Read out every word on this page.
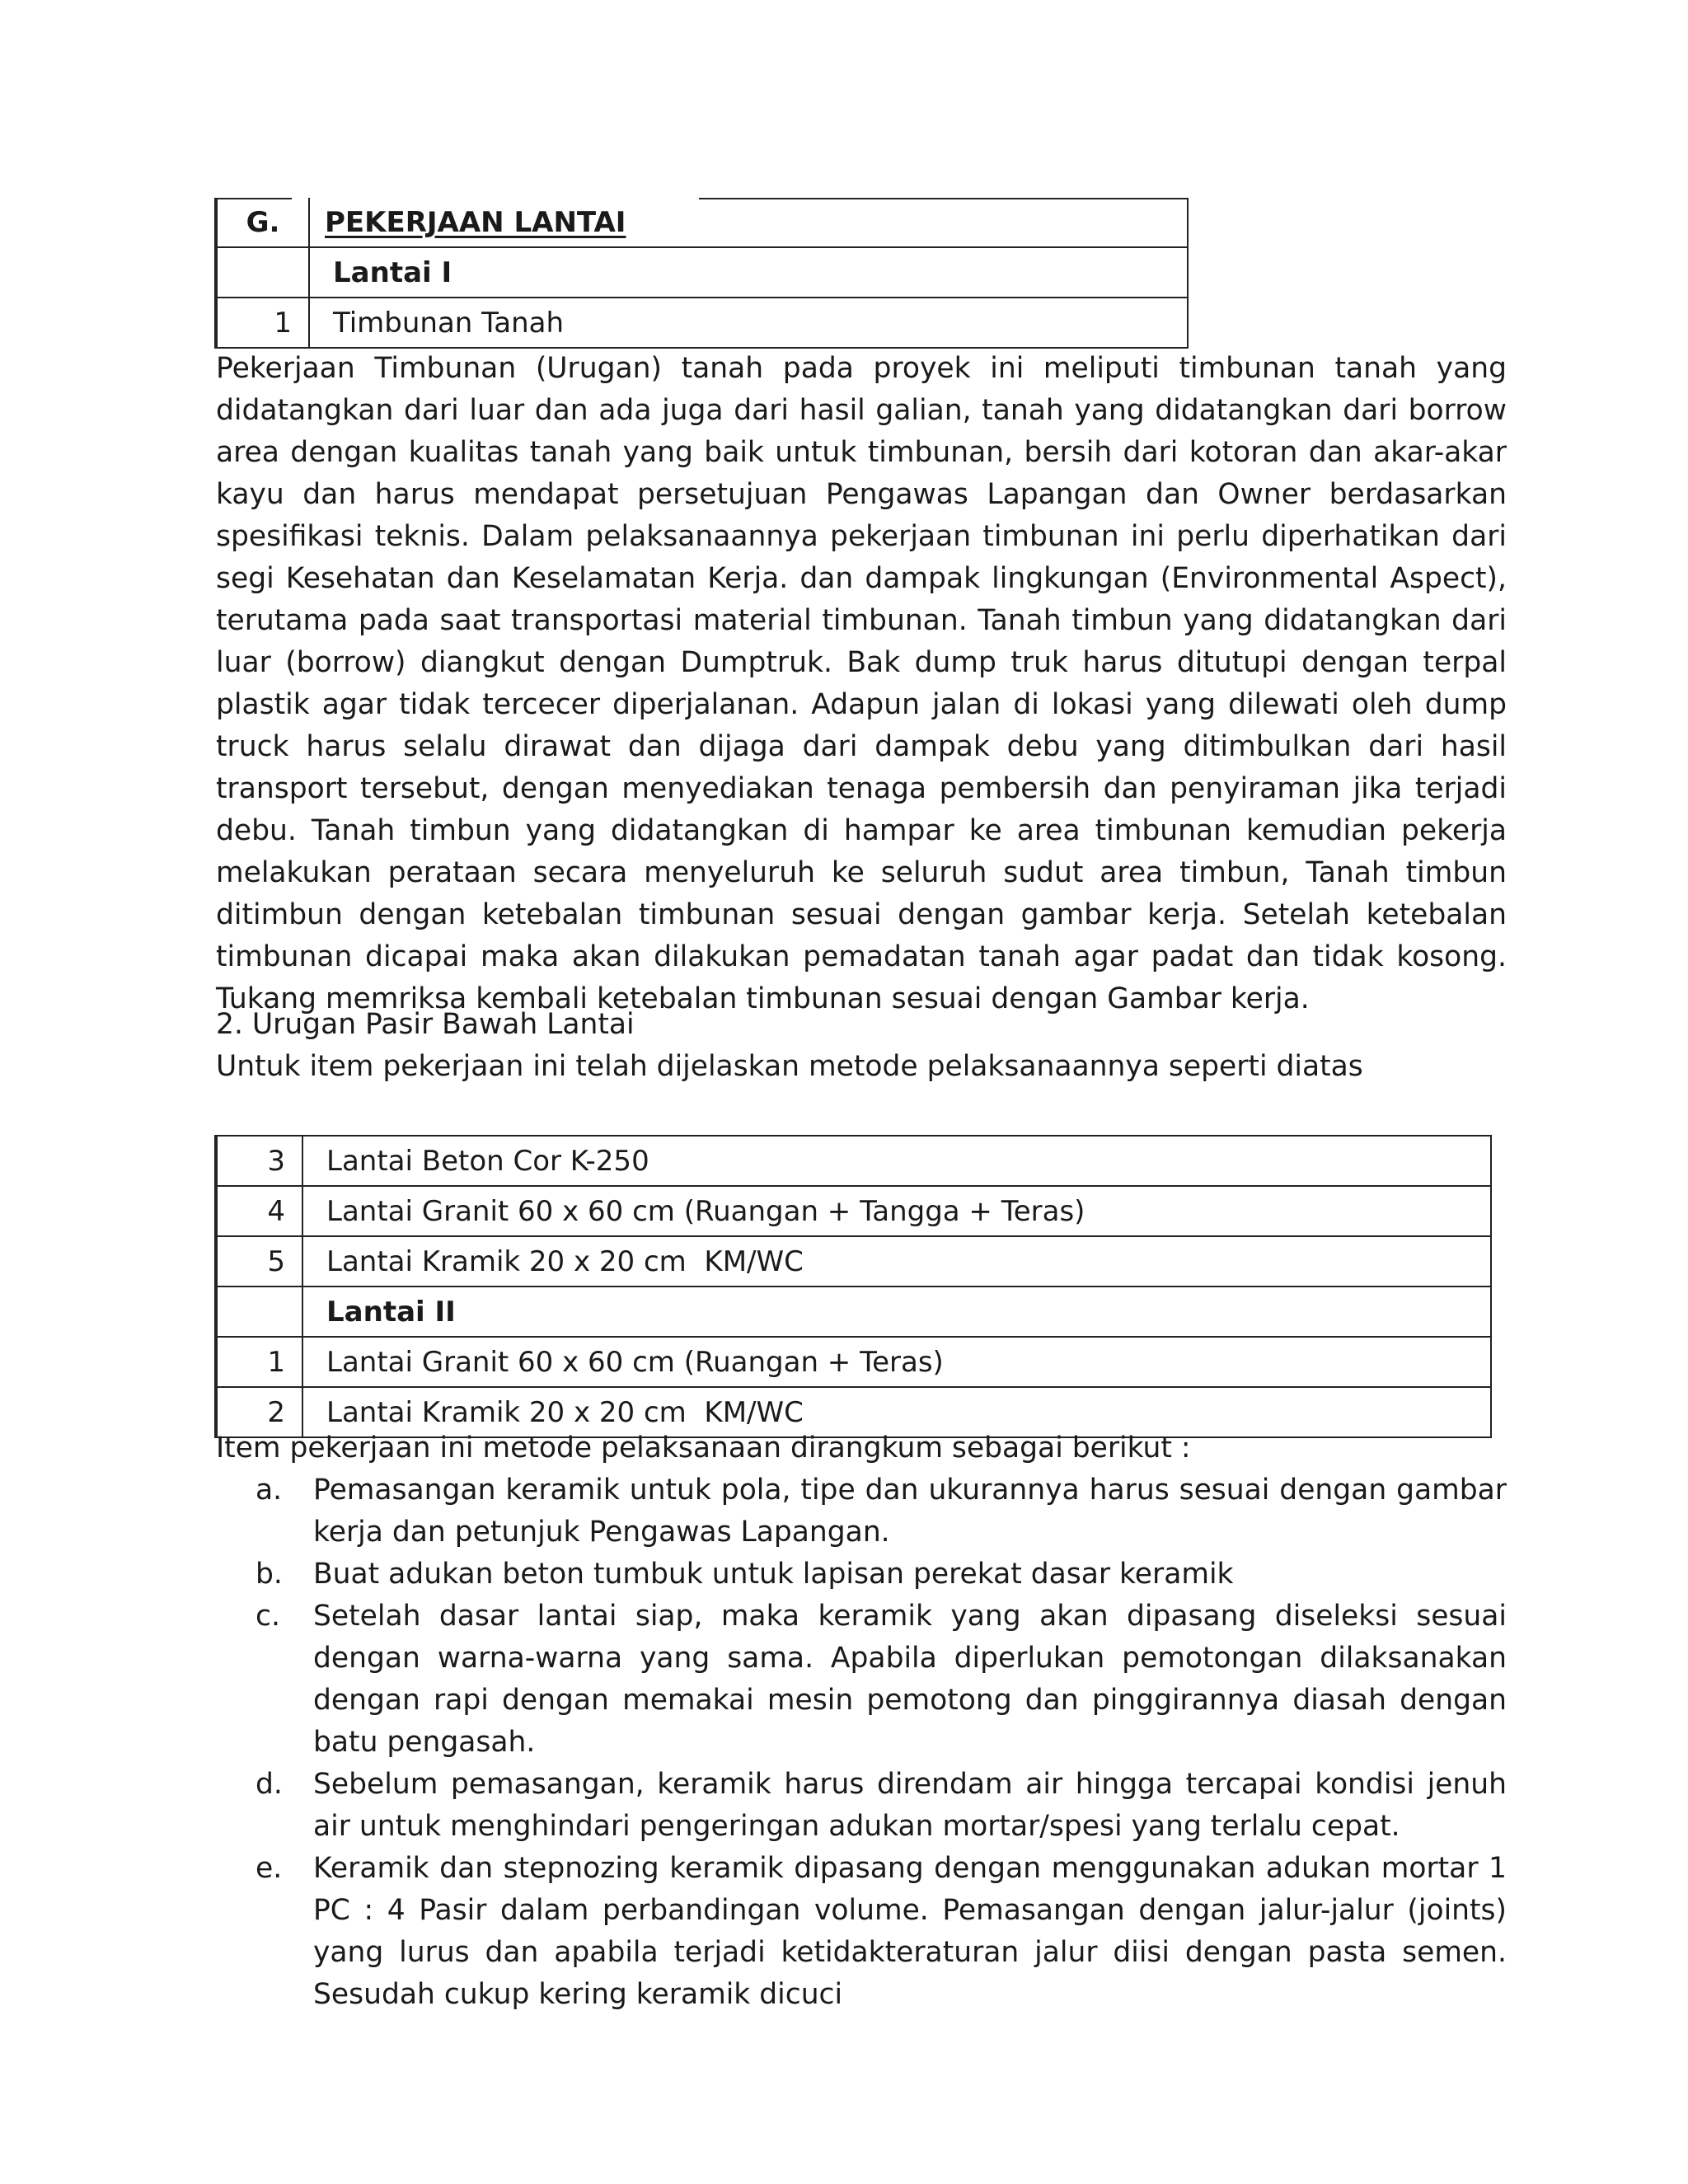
G.	PEKERJAAN LANTAI
	Lantai I
1	Timbunan Tanah

Pekerjaan Timbunan (Urugan) tanah pada proyek ini meliputi timbunan tanah yang didatangkan dari luar dan ada juga dari hasil galian, tanah yang didatangkan dari borrow area dengan kualitas tanah yang baik untuk timbunan, bersih dari kotoran dan akar-akar kayu dan harus mendapat persetujuan Pengawas Lapangan dan Owner berdasarkan spesifikasi teknis. Dalam pelaksanaannya pekerjaan timbunan ini perlu diperhatikan dari segi Kesehatan dan Keselamatan Kerja. dan dampak lingkungan (Environmental Aspect), terutama pada saat transportasi material timbunan. Tanah timbun yang didatangkan dari luar (borrow) diangkut dengan Dumptruk. Bak dump truk harus ditutupi dengan terpal plastik agar tidak tercecer diperjalanan. Adapun jalan di lokasi yang dilewati oleh dump truck harus selalu dirawat dan dijaga dari dampak debu yang ditimbulkan dari hasil transport tersebut, dengan menyediakan tenaga pembersih dan penyiraman jika terjadi debu. Tanah timbun yang didatangkan di hampar ke area timbunan kemudian pekerja melakukan perataan secara menyeluruh ke seluruh sudut area timbun, Tanah timbun ditimbun dengan ketebalan timbunan sesuai dengan gambar kerja. Setelah ketebalan timbunan dicapai maka akan dilakukan pemadatan tanah agar padat dan tidak kosong. Tukang memriksa kembali ketebalan timbunan sesuai dengan Gambar kerja.

2. Urugan Pasir Bawah Lantai

Untuk item pekerjaan ini telah dijelaskan metode pelaksanaannya seperti diatas

3	Lantai Beton Cor K-250
4	Lantai Granit 60 x 60 cm (Ruangan + Tangga + Teras)
5	Lantai Kramik 20 x 20 cm  KM/WC
	Lantai II
1	Lantai Granit 60 x 60 cm (Ruangan + Teras)
2	Lantai Kramik 20 x 20 cm  KM/WC

Item pekerjaan ini metode pelaksanaan dirangkum sebagai berikut :

a. Pemasangan keramik untuk pola, tipe dan ukurannya harus sesuai dengan gambar kerja dan petunjuk Pengawas Lapangan.
b. Buat adukan beton tumbuk untuk lapisan perekat dasar keramik
c. Setelah dasar lantai siap, maka keramik yang akan dipasang diseleksi sesuai dengan warna-warna yang sama. Apabila diperlukan pemotongan dilaksanakan dengan rapi dengan memakai mesin pemotong dan pinggirannya diasah dengan batu pengasah.
d. Sebelum pemasangan, keramik harus direndam air hingga tercapai kondisi jenuh air untuk menghindari pengeringan adukan mortar/spesi yang terlalu cepat.
e. Keramik dan stepnozing keramik dipasang dengan menggunakan adukan mortar 1 PC : 4 Pasir dalam perbandingan volume. Pemasangan dengan jalur-jalur (joints) yang lurus dan apabila terjadi ketidakteraturan jalur diisi dengan pasta semen. Sesudah cukup kering keramik dicuci
